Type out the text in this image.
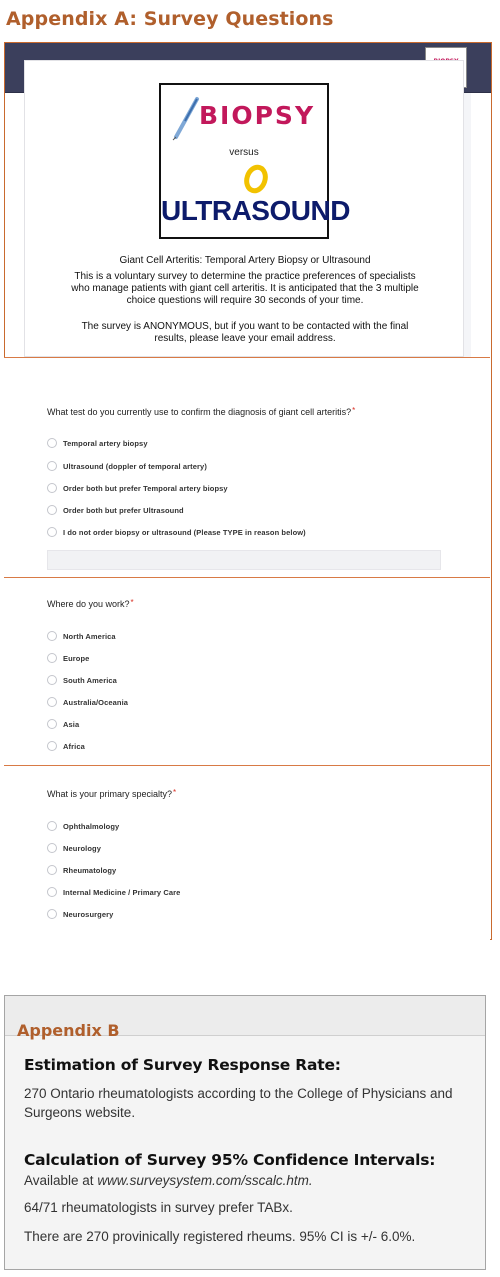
Appendix A: Survey Questions
BIOPSY
versus
ULTRASOUND
Giant Cell Arteritis: Temporal Artery Biopsy or Ultrasound
This is a voluntary survey to determine the practice preferences of specialists who manage patients with giant cell arteritis. It is anticipated that the 3 multiple choice questions will require 30 seconds of your time.
The survey is ANONYMOUS, but if you want to be contacted with the final results, please leave your email address.
What test do you currently use to confirm the diagnosis of giant cell arteritis?*
Temporal artery biopsy
Ultrasound (doppler of temporal artery)
Order both but prefer Temporal artery biopsy
Order both but prefer Ultrasound
I do not order biopsy or ultrasound (Please TYPE in reason below)
Where do you work?*
North America
Europe
South America
Australia/Oceania
Asia
Africa
What is your primary specialty?*
Ophthalmology
Neurology
Rheumatology
Internal Medicine / Primary Care
Neurosurgery
Appendix B
Estimation of Survey Response Rate:
270 Ontario rheumatologists according to the College of Physicians and Surgeons website.
Calculation of Survey 95% Confidence Intervals:
Available at www.surveysystem.com/sscalc.htm.
64/71 rheumatologists in survey prefer TABx.
There are 270 provinically registered rheums. 95% CI is +/- 6.0%.
